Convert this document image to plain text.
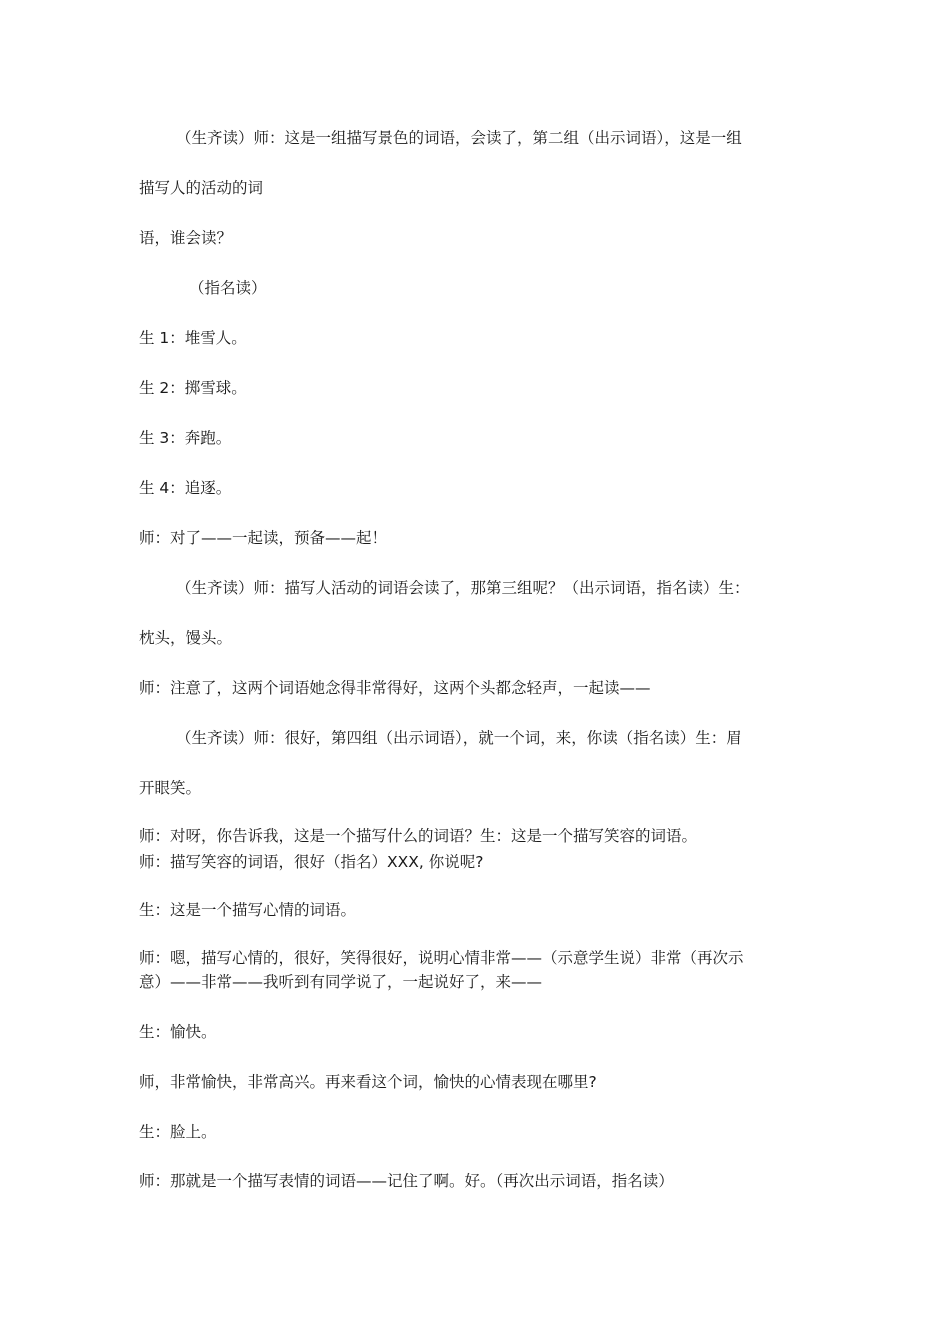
（生齐读）师：这是一组描写景色的词语，会读了，第二组（出示词语），这是一组
描写人的活动的词
语，谁会读？
（指名读）
生 1：堆雪人。
生 2：掷雪球。
生 3：奔跑。
生 4：追逐。
师：对了——一起读，预备——起！
（生齐读）师：描写人活动的词语会读了，那第三组呢？（出示词语，指名读）生：
枕头，馒头。
师：注意了，这两个词语她念得非常得好，这两个头都念轻声，一起读——
（生齐读）师：很好，第四组（出示词语），就一个词，来，你读（指名读）生：眉
开眼笑。
师：对呀，你告诉我，这是一个描写什么的词语？生：这是一个描写笑容的词语。
师：描写笑容的词语，很好（指名）XXX, 你说呢?
生：这是一个描写心情的词语。
师：嗯，描写心情的，很好，笑得很好，说明心情非常——（示意学生说）非常（再次示
意）——非常——我听到有同学说了，一起说好了，来——
生：愉快。
师，非常愉快，非常高兴。再来看这个词，愉快的心情表现在哪里?
生：脸上。
师：那就是一个描写表情的词语——记住了啊。好。（再次出示词语，指名读）
